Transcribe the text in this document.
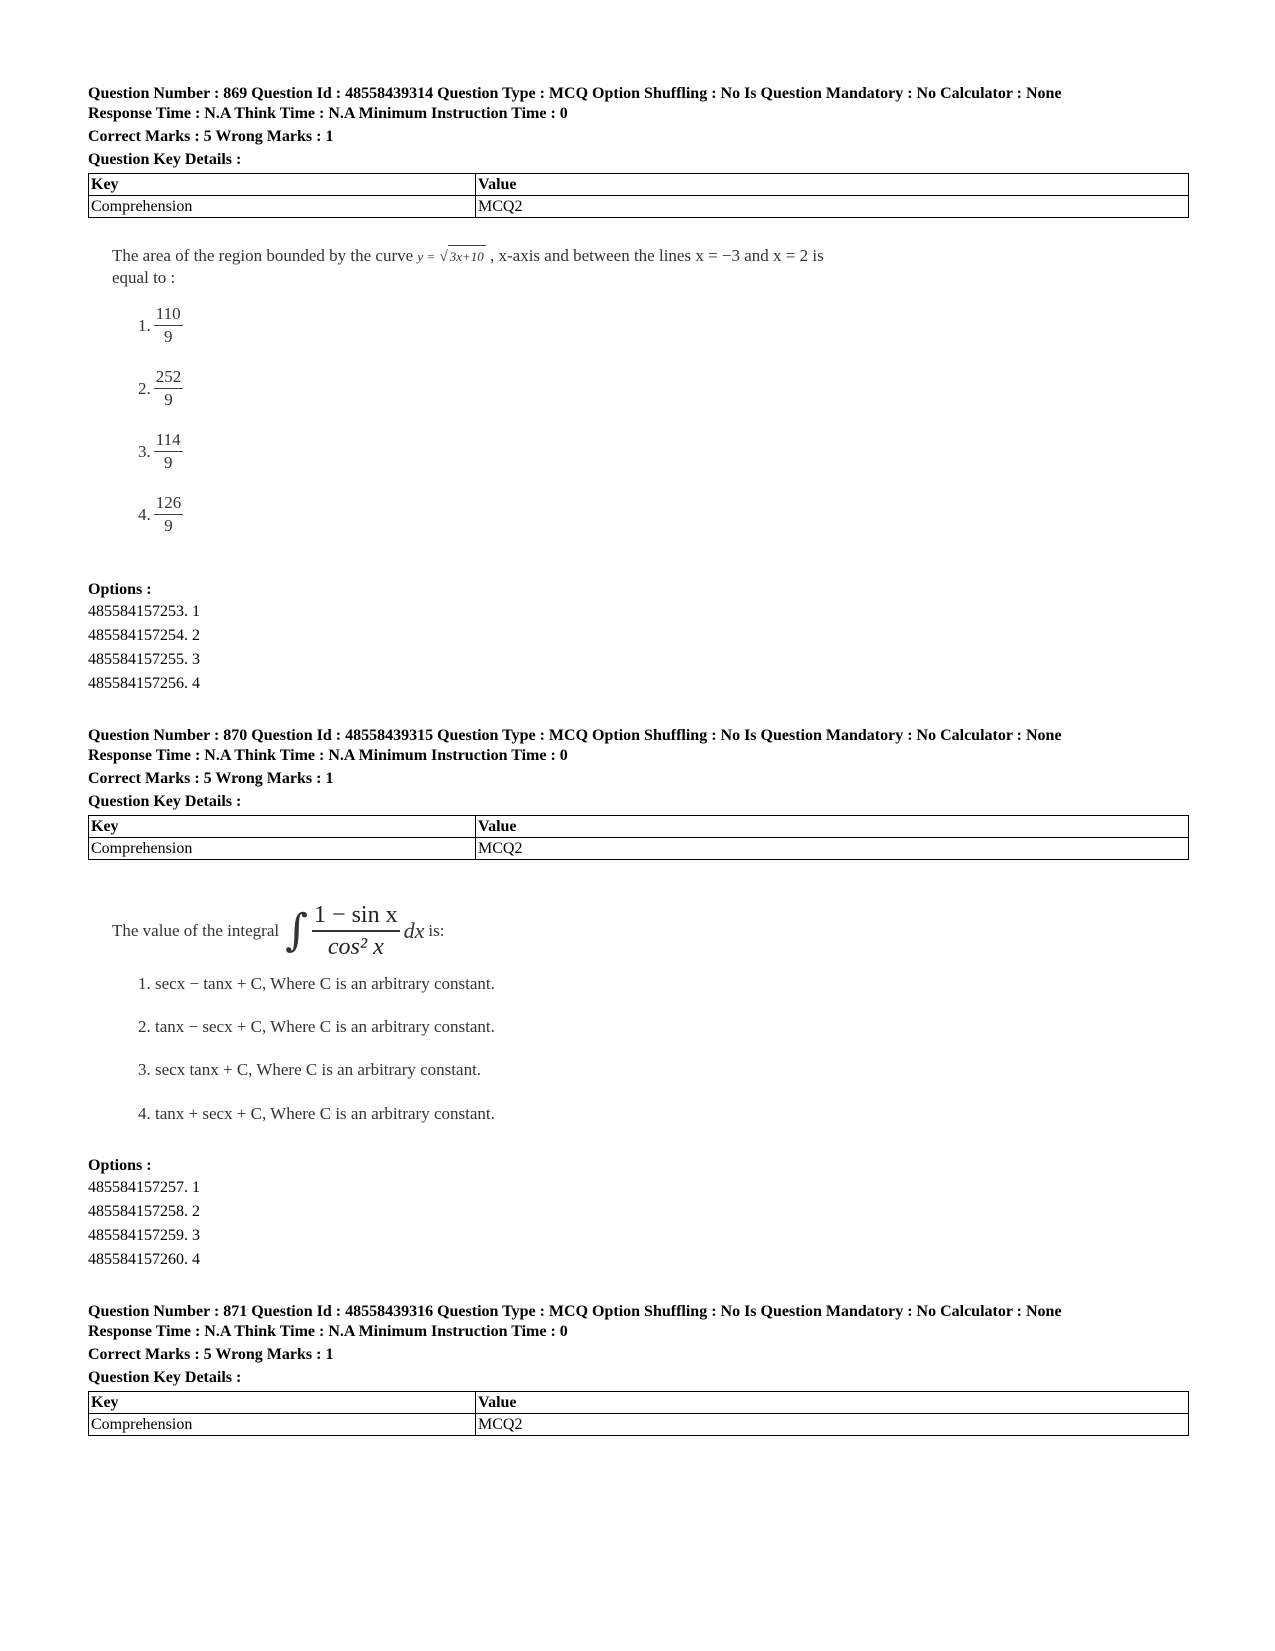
Question Number : 869 Question Id : 48558439314 Question Type : MCQ Option Shuffling : No Is Question Mandatory : No Calculator : None

Response Time : N.A Think Time : N.A Minimum Instruction Time : 0

Correct Marks : 5 Wrong Marks : 1
Question Key Details :
Key	Value
Comprehension	MCQ2
The area of the region bounded by the curve y = √ 3x+10 , x-axis and between the lines x = −3 and x = 2 is
equal to :
1. $\frac{110}{9}$
2. $\frac{252}{9}$
3. $\frac{114}{9}$
4. $\frac{126}{9}$
Options :
485584157253. 1
485584157254. 2
485584157255. 3
485584157256. 4

Question Number : 870 Question Id : 48558439315 Question Type : MCQ Option Shuffling : No Is Question Mandatory : No Calculator : None

Response Time : N.A Think Time : N.A Minimum Instruction Time : 0

Correct Marks : 5 Wrong Marks : 1
Question Key Details :
Key	Value
Comprehension	MCQ2
The value of the integral ∫ $\frac{\text{1 − sin x}}{\text{cos² x}}$ dx is:
1. secx − tanx + C, Where C is an arbitrary constant.
2. tanx − secx + C, Where C is an arbitrary constant.
3. secx tanx + C, Where C is an arbitrary constant.
4. tanx + secx + C, Where C is an arbitrary constant.
Options :
485584157257. 1
485584157258. 2
485584157259. 3
485584157260. 4

Question Number : 871 Question Id : 48558439316 Question Type : MCQ Option Shuffling : No Is Question Mandatory : No Calculator : None

Response Time : N.A Think Time : N.A Minimum Instruction Time : 0

Correct Marks : 5 Wrong Marks : 1
Question Key Details :
Key	Value
Comprehension	MCQ2
